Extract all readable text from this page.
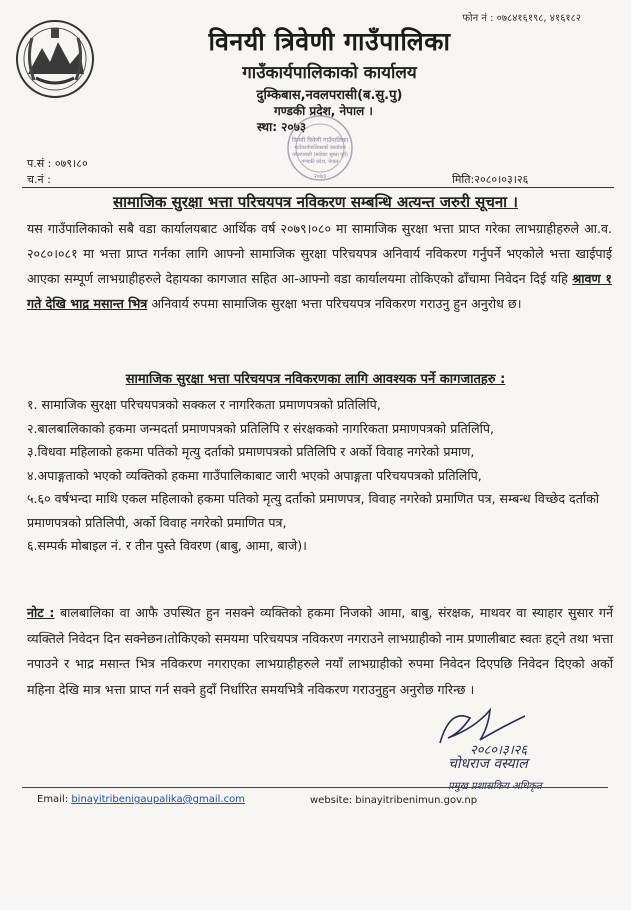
फोन नं : ०७८४१६१९८, ४१६१८२
विनयी त्रिवेणी गाउँपालिका
गाउँकार्यपालिकाको कार्यालय
दुम्किबास,नवलपरासी(ब.सु.पु)
गण्डकी प्रदेश, नेपाल ।
स्था: २०७३
विनयी त्रिवेणी गाउँपालिका
गाउँकार्यपालिकाको कार्यालय
नवलपरासी (बर्दघाट सुस्ता पूर्व)
गण्डकी प्रदेश, नेपाल
२०७३
प.सं : ०७९।८०
च.नं :	मिति:२०८०।०३।२६
सामाजिक सुरक्षा भत्ता परिचयपत्र नविकरण सम्बन्धि अत्यन्त जरुरी सूचना ।
यस गाउँपालिकाको सबै वडा कार्यालयबाट आर्थिक वर्ष २०७९।०८० मा सामाजिक सुरक्षा भत्ता प्राप्त गरेका लाभग्राहीहरुले आ.व. २०८०।०८१ मा भत्ता प्राप्त गर्नका लागि आफ्नो सामाजिक सुरक्षा परिचयपत्र अनिवार्य नविकरण गर्नुपर्ने भएकोले भत्ता खाईपाई आएका सम्पूर्ण लाभग्राहीहरुले देहायका कागजात सहित आ-आफ्नो वडा कार्यालयमा तोकिएको ढाँचामा निवेदन दिई यहि श्रावण १ गते देखि भाद्र मसान्त भित्र अनिवार्य रुपमा सामाजिक सुरक्षा भत्ता परिचयपत्र नविकरण गराउनु हुन अनुरोध छ।
सामाजिक सुरक्षा भत्ता परिचयपत्र नविकरणका लागि आवश्यक पर्ने कागजातहरु :
१. सामाजिक सुरक्षा परिचयपत्रको सक्कल र नागरिकता प्रमाणपत्रको प्रतिलिपि,
२.बालबालिकाको हकमा जन्मदर्ता प्रमाणपत्रको प्रतिलिपि र संरक्षकको नागरिकता प्रमाणपत्रको प्रतिलिपि,
३.विधवा महिलाको हकमा पतिको मृत्यु दर्ताको प्रमाणपत्रको प्रतिलिपि र अर्को विवाह नगरेको प्रमाण,
४.अपाङ्गताको भएको व्यक्तिको हकमा गाउँपालिकाबाट जारी भएको अपाङ्गता परिचयपत्रको प्रतिलिपि,
५.६० वर्षभन्दा माथि एकल महिलाको हकमा पतिको मृत्यु दर्ताको प्रमाणपत्र, विवाह नगरेको प्रमाणित पत्र, सम्बन्ध विच्छेद दर्ताको प्रमाणपत्रको प्रतिलिपी, अर्को विवाह नगरेको प्रमाणित पत्र,
६.सम्पर्क मोबाइल नं. र तीन पुस्ते विवरण (बाबु, आमा, बाजे)।
नोट : बालबालिका वा आफै उपस्थित हुन नसक्ने व्यक्तिको हकमा निजको आमा, बाबु, संरक्षक, माथवर वा स्याहार सुसार गर्ने व्यक्तिले निवेदन दिन सक्नेछन।तोकिएको समयमा परिचयपत्र नविकरण नगराउने लाभग्राहीको नाम प्रणालीबाट स्वतः हट्ने तथा भत्ता नपाउने र भाद्र मसान्त भित्र नविकरण नगराएका लाभग्राहीहरुले नयाँ लाभग्राहीको रुपमा निवेदन दिएपछि निवेदन दिएको अर्को महिना देखि मात्र भत्ता प्राप्त गर्न सक्ने हुदाँ निर्धारित समयभित्रै नविकरण गराउनुहुन अनुरोछ गरिन्छ ।
२०८०।३।२६
चोधराज वस्याल
Email: binayitribenigaupalika@gmail.com	website: binayitribenimun.gov.np
